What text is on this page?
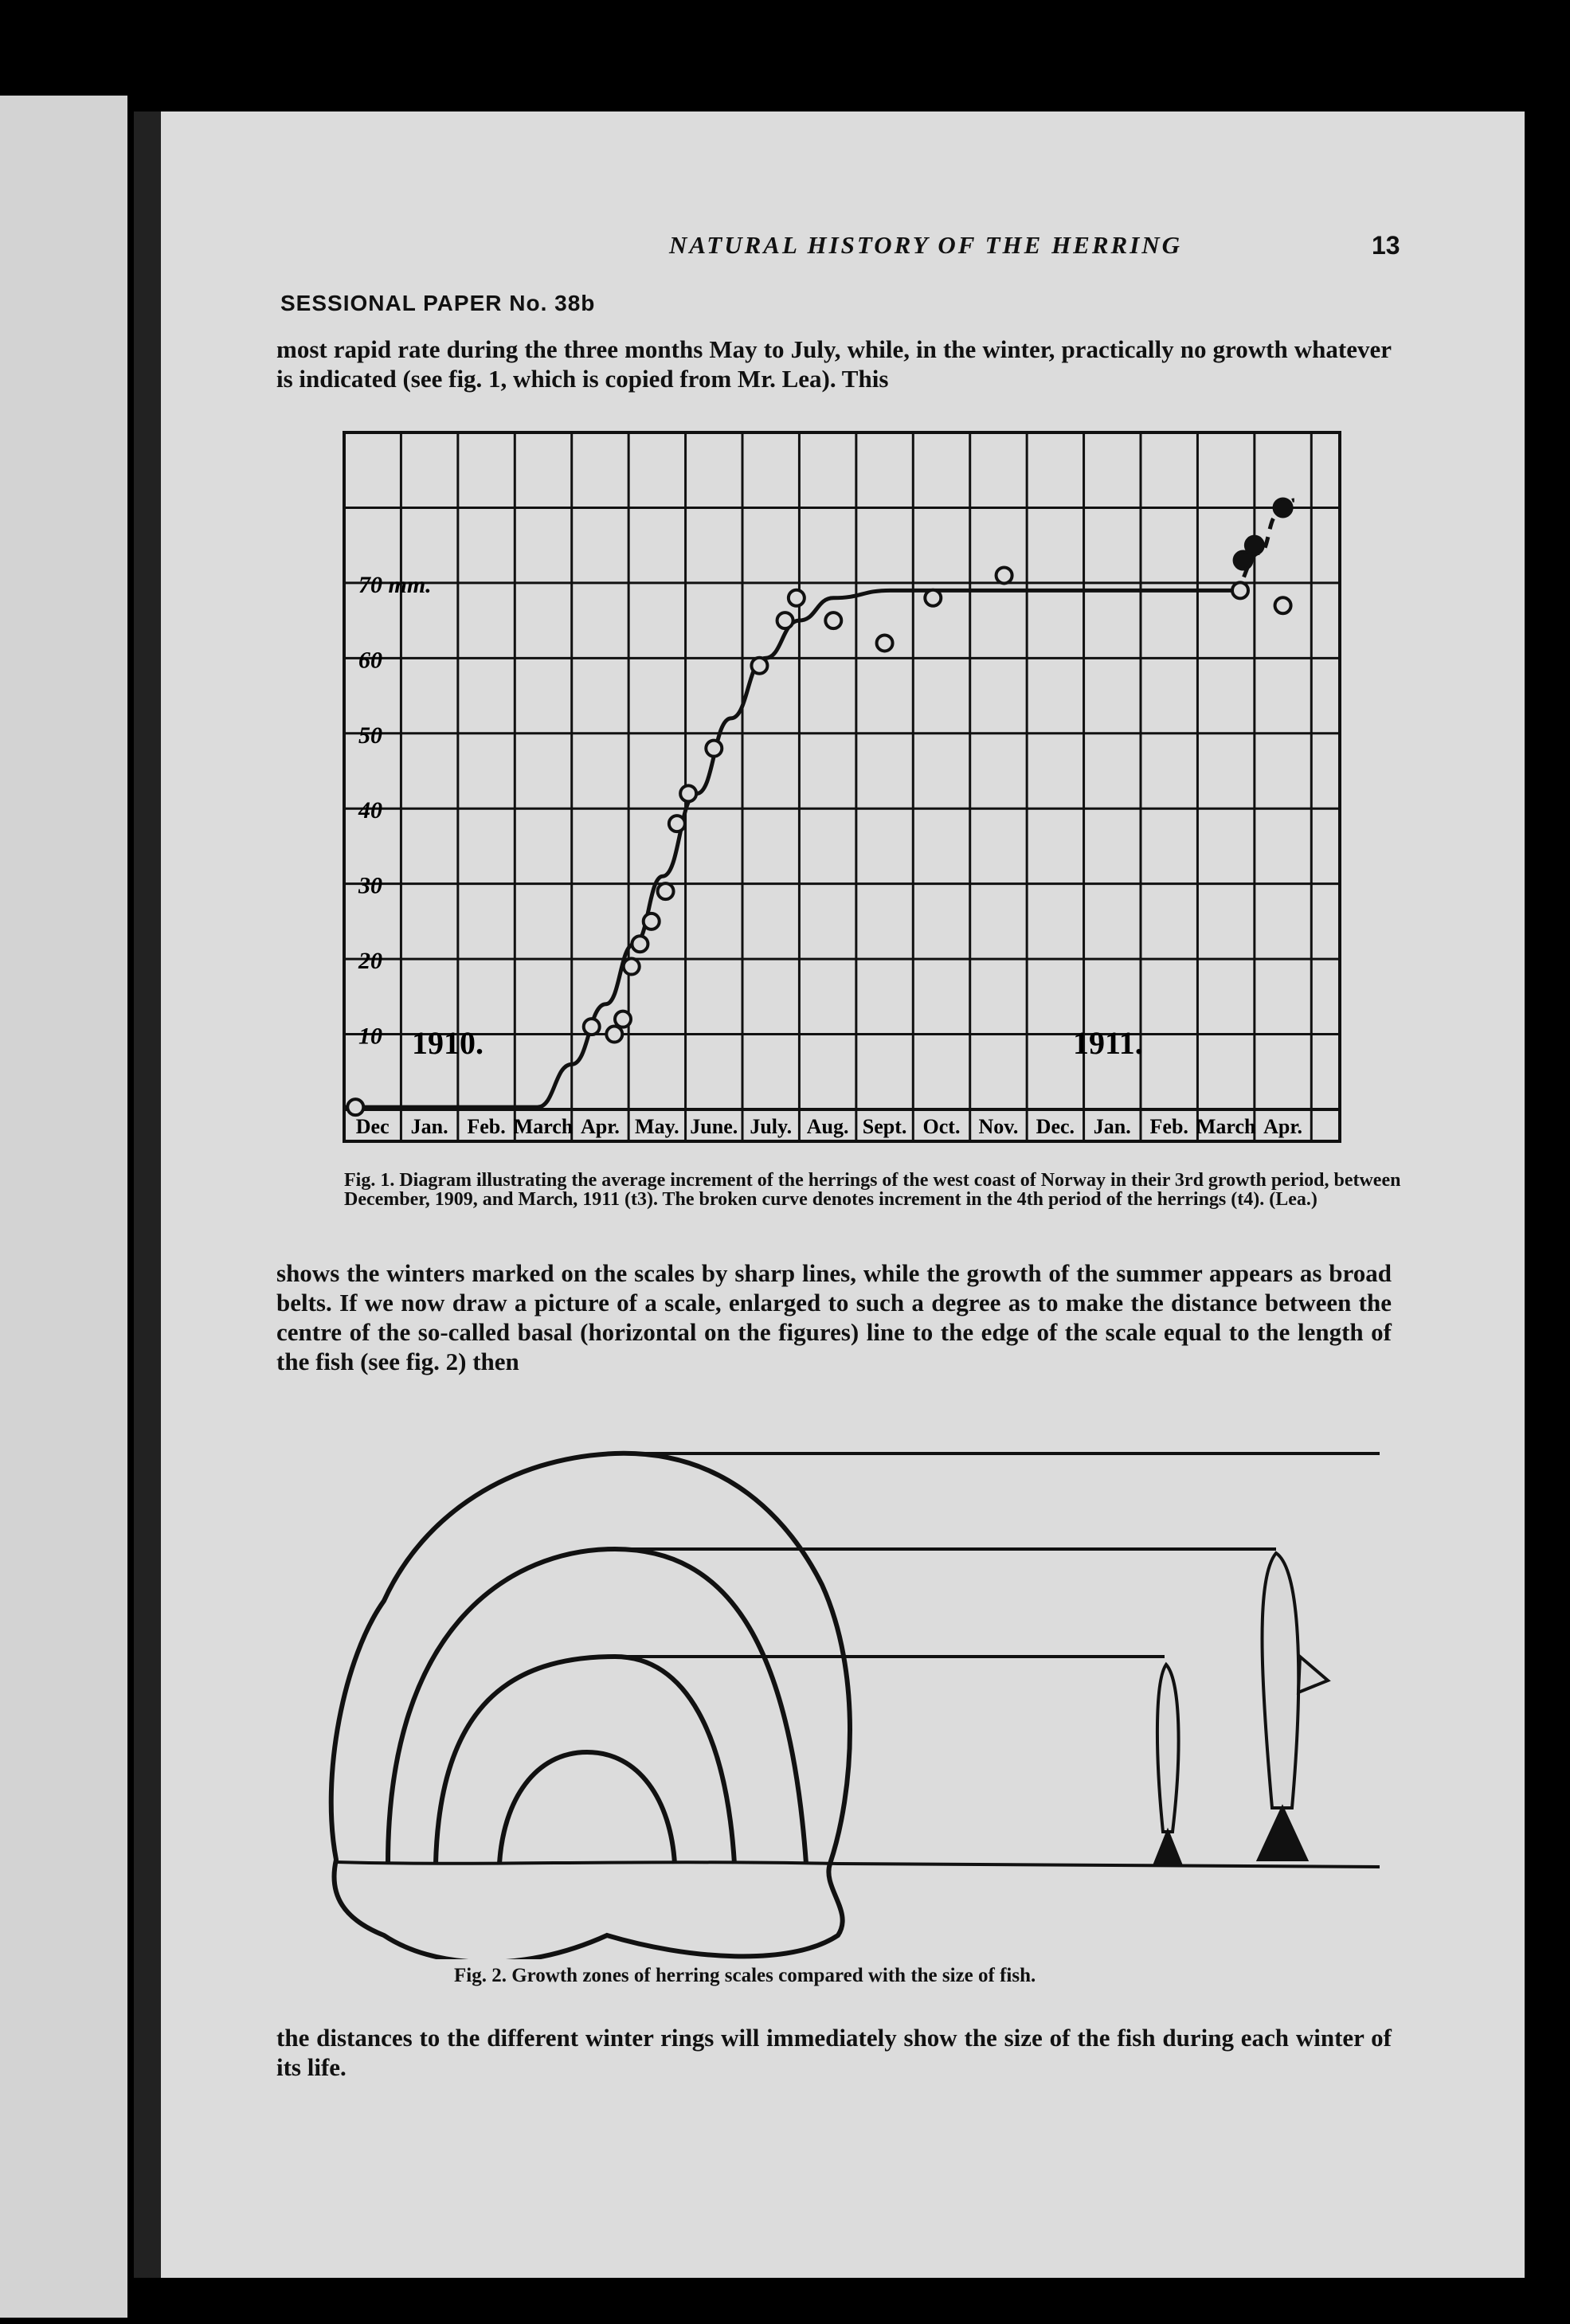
NATURAL HISTORY OF THE HERRING	13
SESSIONAL PAPER No. 38b
most rapid rate during the three months May to July, while, in the winter, practically no growth whatever is indicated (see fig. 1, which is copied from Mr. Lea). This
10
20
30
40
50
60
70 mm.
Dec Jan. Feb. March Apr. May. June. July. Aug. Sept. Oct. Nov. Dec. Jan. Feb. March Apr.
1910.	1911.
Fig. 1. Diagram illustrating the average increment of the herrings of the west coast of Norway in their 3rd growth period, between December, 1909, and March, 1911 (t3). The broken curve denotes increment in the 4th period of the herrings (t4). (Lea.)
shows the winters marked on the scales by sharp lines, while the growth of the summer appears as broad belts. If we now draw a picture of a scale, enlarged to such a degree as to make the distance between the centre of the so-called basal (horizontal on the figures) line to the edge of the scale equal to the length of the fish (see fig. 2) then
Fig. 2. Growth zones of herring scales compared with the size of fish.
the distances to the different winter rings will immediately show the size of the fish during each winter of its life.
